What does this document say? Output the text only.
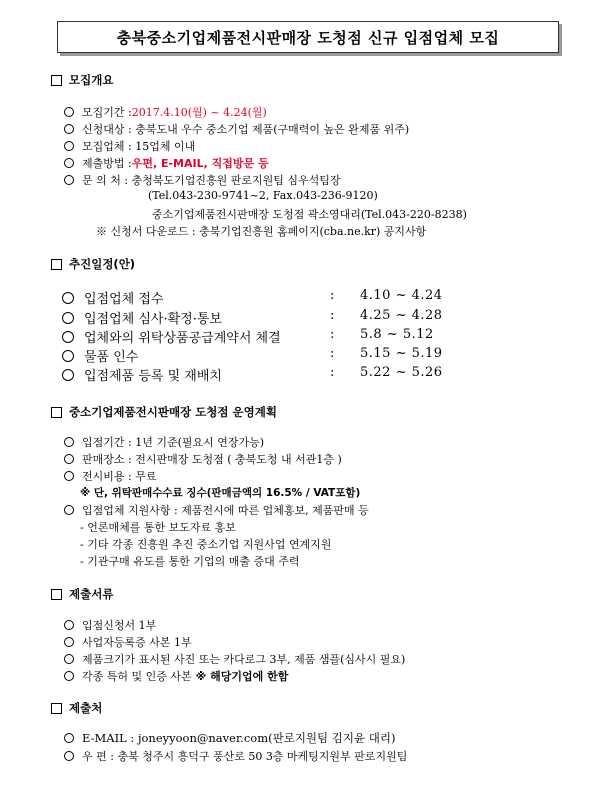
충북중소기업제품전시판매장 도청점 신규 입점업체 모집
모집개요
모집기간 : 2017.4.10(월) ~ 4.24(월)
신청대상 : 충북도내 우수 중소기업 제품(구매력이 높은 완제품 위주)
모집업체 : 15업체 이내
제출방법 : 우편, E-MAIL, 직접방문 등
문 의 처 : 충청북도기업진흥원 판로지원팀 심우석팀장
(Tel.043-230-9741~2, Fax.043-236-9120)
중소기업제품전시판매장 도청점 곽소영대리(Tel.043-220-8238)
※ 신청서 다운로드 : 충북기업진흥원 홈페이지(cba.ne.kr) 공지사항
추진일정(안)
입점업체 접수	: 4.10 ~ 4.24
입점업체 심사·확정·통보	: 4.25 ~ 4.28
업체와의 위탁상품공급계약서 체결	: 5.8 ~ 5.12
물품 인수	: 5.15 ~ 5.19
입점제품 등록 및 재배치	: 5.22 ~ 5.26
중소기업제품전시판매장 도청점 운영계획
입점기간 : 1년 기준(필요시 연장가능)
판매장소 : 전시판매장 도청점 ( 충북도청 내 서관1층 )
전시비용 : 무료
※ 단, 위탁판매수수료 징수(판매금액의 16.5% / VAT포함)
입점업체 지원사항 : 제품전시에 따른 업체홍보, 제품판매 등
- 언론매체를 통한 보도자료 홍보
- 기타 각종 진흥원 추진 중소기업 지원사업 연계지원
- 기관구매 유도를 통한 기업의 매출 증대 주력
제출서류
입점신청서 1부
사업자등록증 사본 1부
제품크기가 표시된 사진 또는 카다로그 3부, 제품 샘플(심사시 필요)
각종 특허 및 인증 사본 ※ 해당기업에 한함
제출처
E-MAIL : joneyyoon@naver.com(판로지원팀 김지윤 대리)
우 편 : 충북 청주시 흥덕구 풍산로 50 3층 마케팅지원부 판로지원팀
